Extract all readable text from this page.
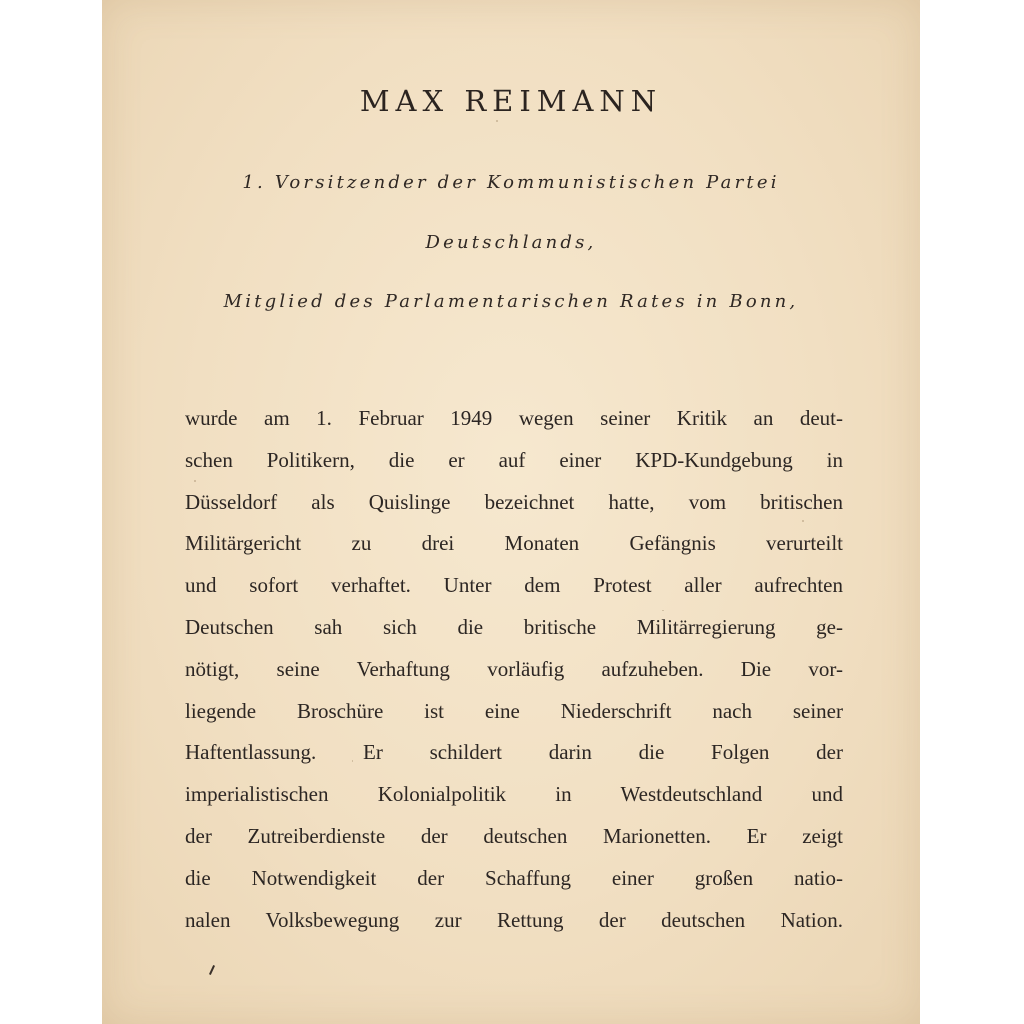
MAX REIMANN

1. Vorsitzender der Kommunistischen Partei

Deutschlands,

Mitglied des Parlamentarischen Rates in Bonn,

wurde am 1. Februar 1949 wegen seiner Kritik an deut-
schen Politikern, die er auf einer KPD-Kundgebung in
Düsseldorf als Quislinge bezeichnet hatte, vom britischen
Militärgericht zu drei Monaten Gefängnis verurteilt
und sofort verhaftet. Unter dem Protest aller aufrechten
Deutschen sah sich die britische Militärregierung ge-
nötigt, seine Verhaftung vorläufig aufzuheben. Die vor-
liegende Broschüre ist eine Niederschrift nach seiner
Haftentlassung. Er schildert darin die Folgen der
imperialistischen Kolonialpolitik in Westdeutschland und
der Zutreiberdienste der deutschen Marionetten. Er zeigt
die Notwendigkeit der Schaffung einer großen natio-
nalen Volksbewegung zur Rettung der deutschen Nation.
